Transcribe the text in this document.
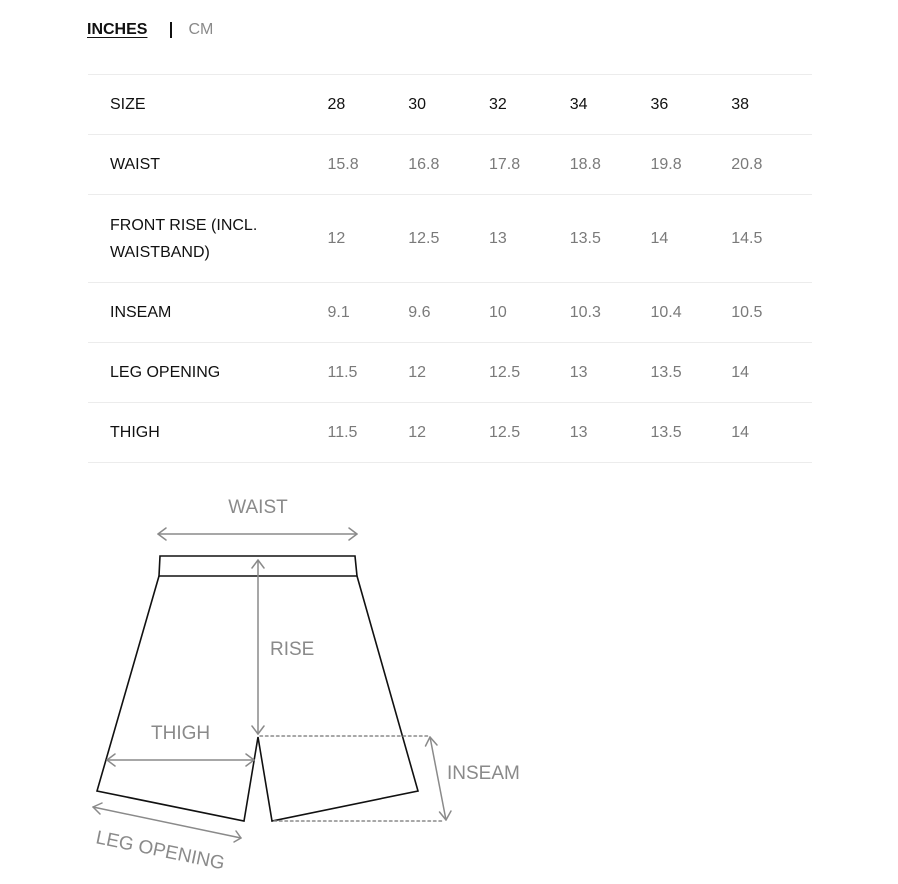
INCHES	CM
SIZE	28	30	32	34	36	38
WAIST	15.8	16.8	17.8	18.8	19.8	20.8
FRONT RISE (INCL. WAISTBAND)	12	12.5	13	13.5	14	14.5
INSEAM	9.1	9.6	10	10.3	10.4	10.5
LEG OPENING	11.5	12	12.5	13	13.5	14
THIGH	11.5	12	12.5	13	13.5	14
WAIST
RISE
THIGH
INSEAM
LEG OPENING
